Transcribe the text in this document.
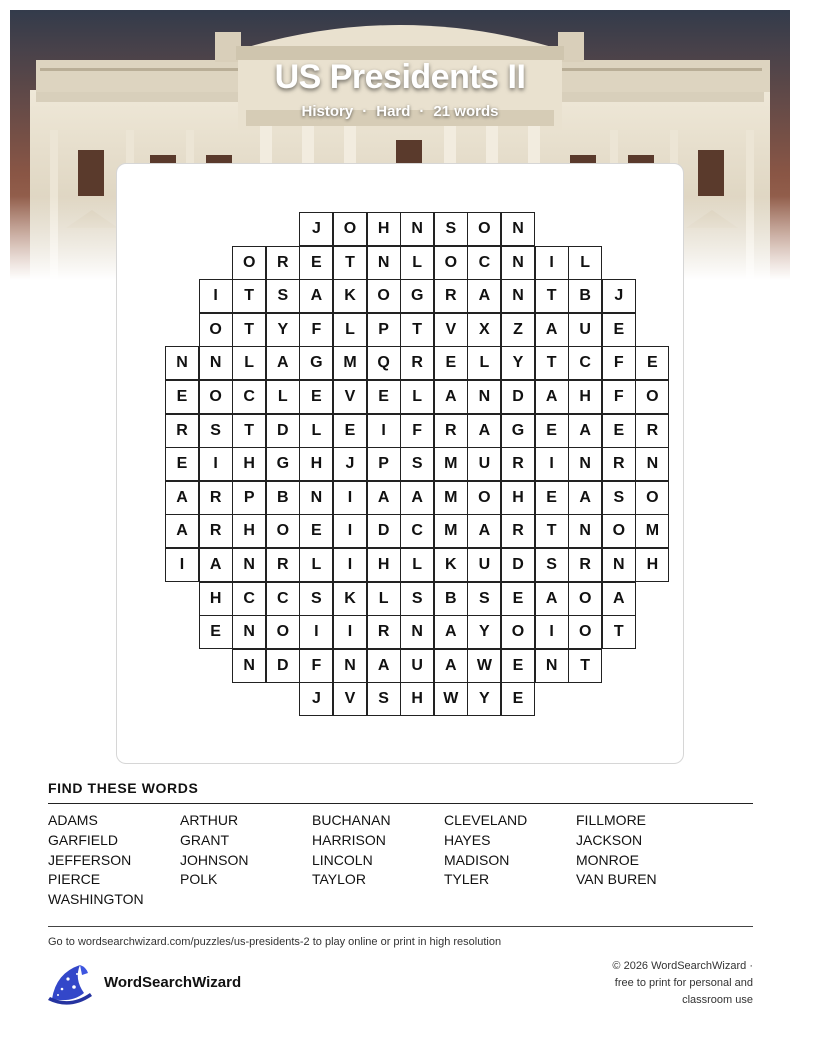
US Presidents II
History · Hard · 21 words
J	O	H	N	S	O	N
O	R	E	T	N	L	O	C	N	I	L
I	T	S	A	K	O	G	R	A	N	T	B	J
O	T	Y	F	L	P	T	V	X	Z	A	U	E
N	N	L	A	G	M	Q	R	E	L	Y	T	C	F	E
E	O	C	L	E	V	E	L	A	N	D	A	H	F	O
R	S	T	D	L	E	I	F	R	A	G	E	A	E	R
E	I	H	G	H	J	P	S	M	U	R	I	N	R	N
A	R	P	B	N	I	A	A	M	O	H	E	A	S	O
A	R	H	O	E	I	D	C	M	A	R	T	N	O	M
I	A	N	R	L	I	H	L	K	U	D	S	R	N	H
H	C	C	S	K	L	S	B	S	E	A	O	A
E	N	O	I	I	R	N	A	Y	O	I	O	T
N	D	F	N	A	U	A	W	E	N	T
J	V	S	H	W	Y	E
FIND THESE WORDS
ADAMS	ARTHUR	BUCHANAN	CLEVELAND	FILLMORE
GARFIELD	GRANT	HARRISON	HAYES	JACKSON
JEFFERSON	JOHNSON	LINCOLN	MADISON	MONROE
PIERCE	POLK	TAYLOR	TYLER	VAN BUREN
WASHINGTON
Go to wordsearchwizard.com/puzzles/us-presidents-2 to play online or print in high resolution
WordSearchWizard
© 2026 WordSearchWizard ·
free to print for personal and
classroom use
